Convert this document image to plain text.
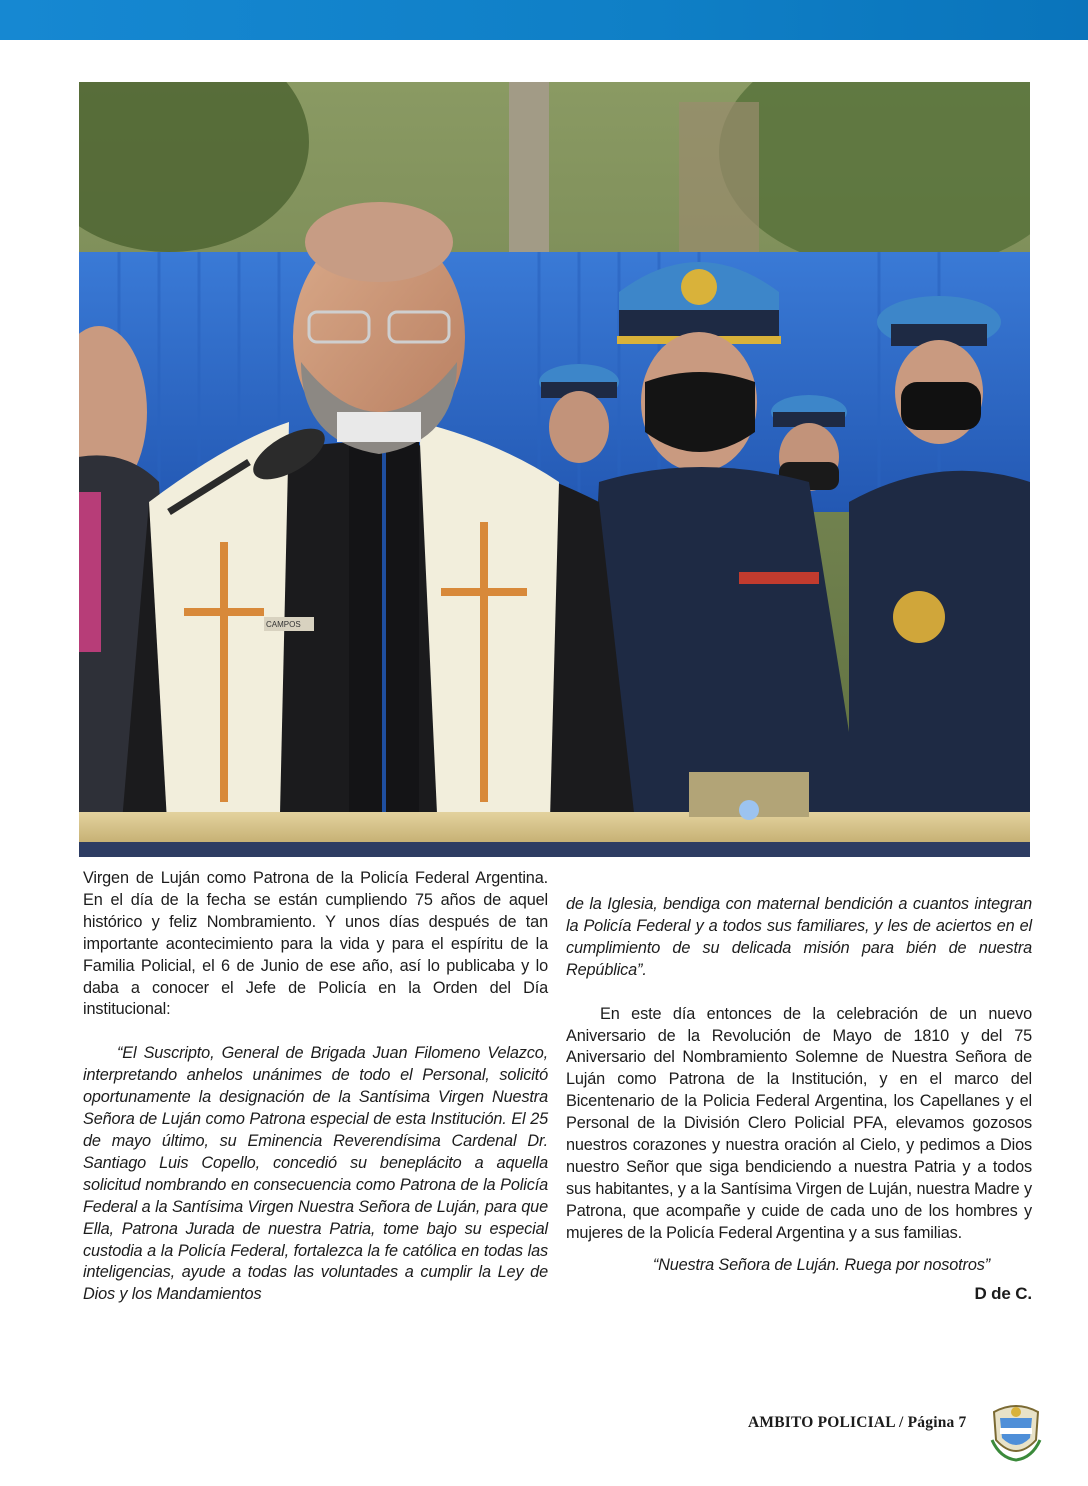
CAMPOS

Virgen de Luján como Patrona de la Policía Federal Argentina. En el día de la fecha se están cumpliendo 75 años de aquel histórico y feliz Nombramiento. Y unos días después de tan importante acontecimiento para la vida y para el espíritu de la Familia Policial, el 6 de Junio de ese año, así lo publicaba y lo daba a conocer el Jefe de Policía en la Orden del Día institucional:

“El Suscripto, General de Brigada Juan Filomeno Velazco, interpretando anhelos unánimes de todo el Personal, solicitó oportunamente la designación de la Santísima Virgen Nuestra Señora de Luján como Patrona especial de esta Institución. El 25 de mayo último, su Eminencia Reverendísima Cardenal Dr. Santiago Luis Copello, concedió su beneplácito a aquella solicitud nombrando en consecuencia como Patrona de la Policía Federal a la Santísima Virgen Nuestra Señora de Luján, para que Ella, Patrona Jurada de nuestra Patria, tome bajo su especial custodia a la Policía Federal, fortalezca la fe católica en todas las inteligencias, ayude a todas las voluntades a cumplir la Ley de Dios y los Mandamientos

de la Iglesia, bendiga con maternal bendición a cuantos integran la Policía Federal y a todos sus familiares, y les de aciertos en el cumplimiento de su delicada misión para bién de nuestra República”.

En este día entonces de la celebración de un nuevo Aniversario de la Revolución de Mayo de 1810 y del 75 Aniversario del Nombramiento Solemne de Nuestra Señora de Luján como Patrona de la Institución, y en el marco del Bicentenario de la Policia Federal Argentina, los Capellanes y el Personal de la División Clero Policial PFA, elevamos gozosos nuestros corazones y nuestra oración al Cielo, y pedimos a Dios nuestro Señor que siga bendiciendo a nuestra Patria y a todos sus habitantes, y a la Santísima Virgen de Luján, nuestra Madre y Patrona, que acompañe y cuide de cada uno de los hombres y mujeres de la Policía Federal Argentina y a sus familias.

“Nuestra Señora de Luján. Ruega por nosotros”

D de C.

AMBITO POLICIAL / Página 7
